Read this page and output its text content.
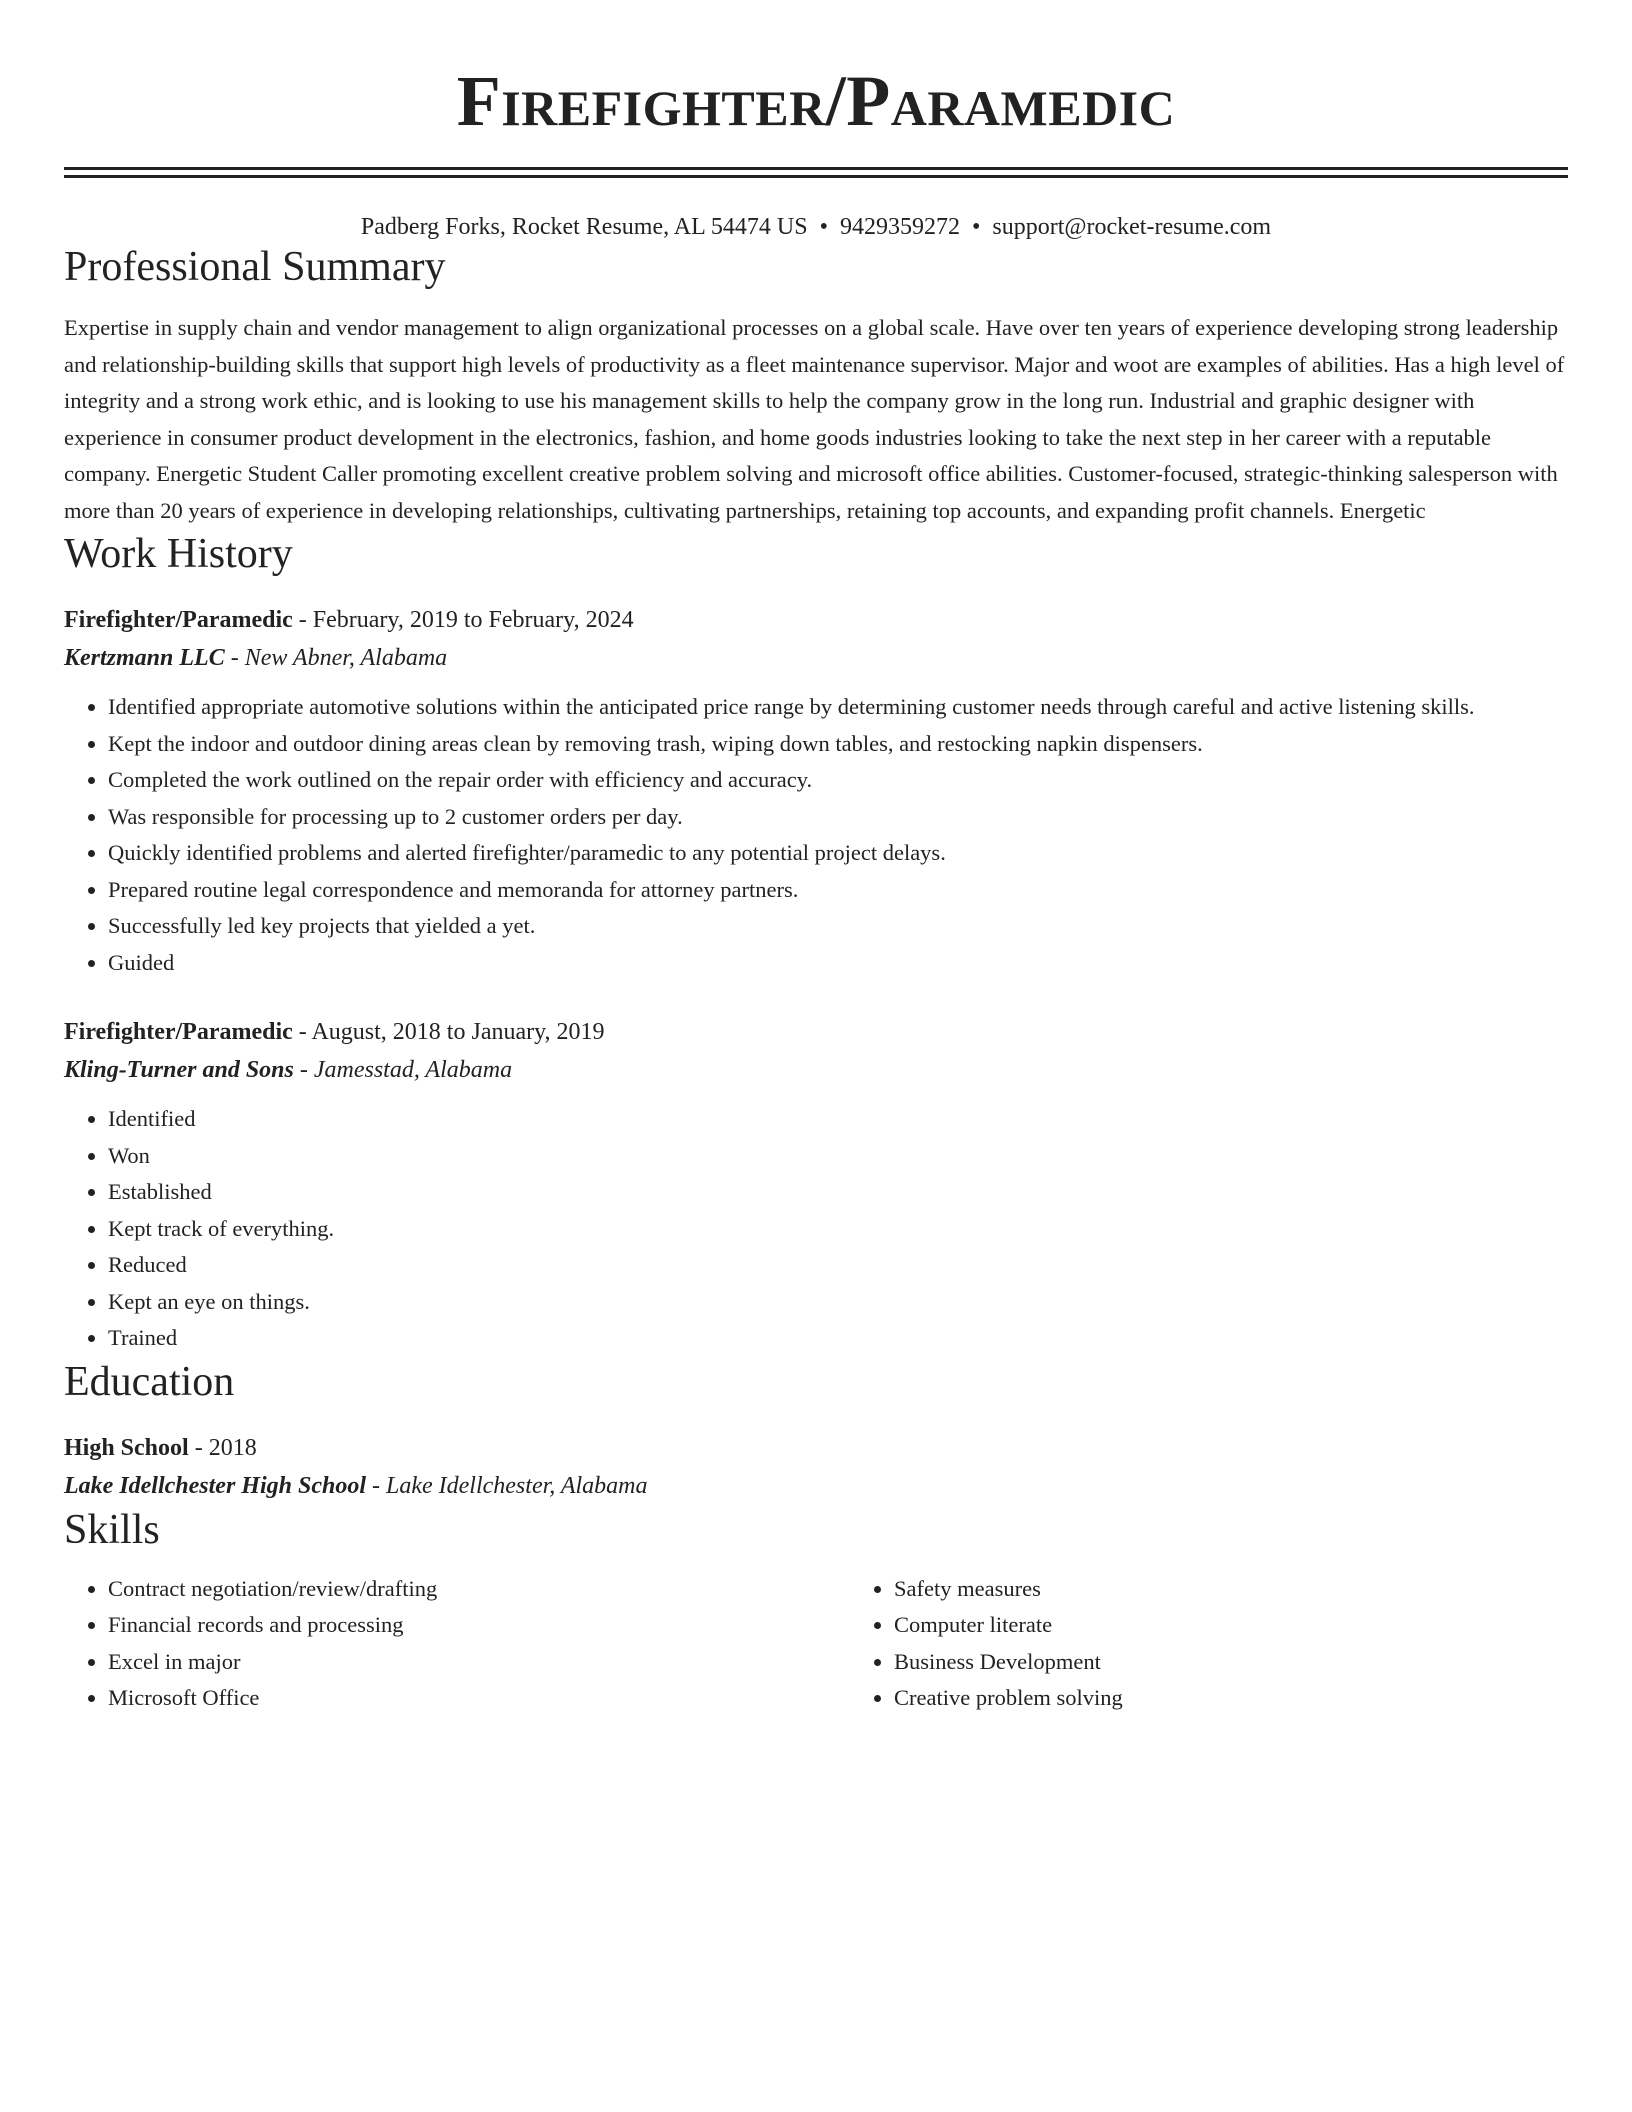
Firefighter/Paramedic
Padberg Forks, Rocket Resume, AL 54474 US • 9429359272 • support@rocket-resume.com
Professional Summary

Expertise in supply chain and vendor management to align organizational processes on a global scale. Have over ten years of experience developing strong leadership and relationship-building skills that support high levels of productivity as a fleet maintenance supervisor. Major and woot are examples of abilities. Has a high level of integrity and a strong work ethic, and is looking to use his management skills to help the company grow in the long run. Industrial and graphic designer with experience in consumer product development in the electronics, fashion, and home goods industries looking to take the next step in her career with a reputable company. Energetic Student Caller promoting excellent creative problem solving and microsoft office abilities. Customer-focused, strategic-thinking salesperson with more than 20 years of experience in developing relationships, cultivating partnerships, retaining top accounts, and expanding profit channels. Energetic

Work History
Firefighter/Paramedic - February, 2019 to February, 2024
Kertzmann LLC - New Abner, Alabama
• Identified appropriate automotive solutions within the anticipated price range by determining customer needs through careful and active listening skills.
• Kept the indoor and outdoor dining areas clean by removing trash, wiping down tables, and restocking napkin dispensers.
• Completed the work outlined on the repair order with efficiency and accuracy.
• Was responsible for processing up to 2 customer orders per day.
• Quickly identified problems and alerted firefighter/paramedic to any potential project delays.
• Prepared routine legal correspondence and memoranda for attorney partners.
• Successfully led key projects that yielded a yet.
• Guided
Firefighter/Paramedic - August, 2018 to January, 2019
Kling-Turner and Sons - Jamesstad, Alabama
• Identified
• Won
• Established
• Kept track of everything.
• Reduced
• Kept an eye on things.
• Trained
Education
High School - 2018
Lake Idellchester High School - Lake Idellchester, Alabama
Skills
• Contract negotiation/review/drafting
• Financial records and processing
• Excel in major
• Microsoft Office
• Safety measures
• Computer literate
• Business Development
• Creative problem solving
